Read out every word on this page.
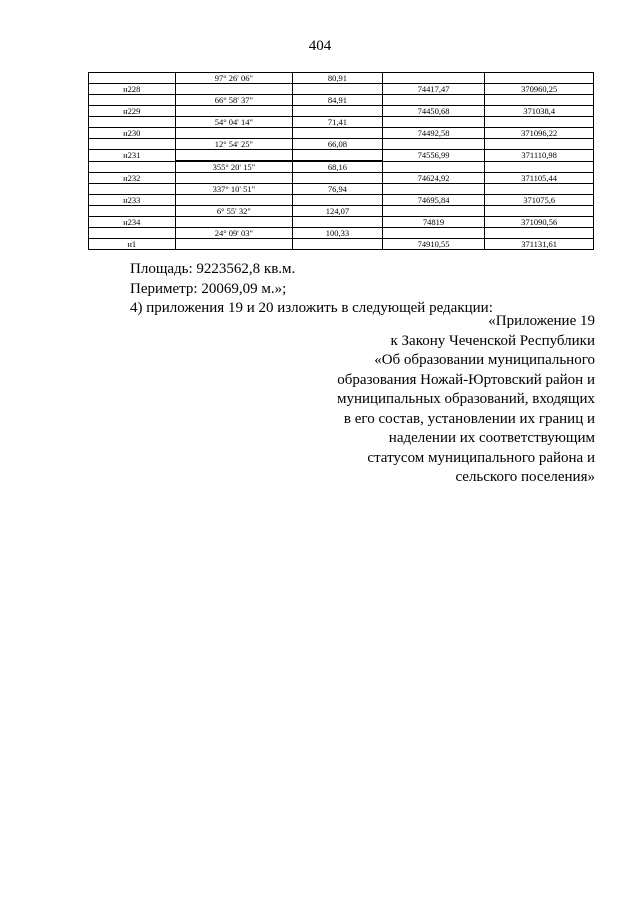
404
	97° 26' 06"	80,91		
н228			74417,47	370960,25
	66° 58' 37"	84,91		
н229			74450,68	371038,4
	54° 04' 14"	71,41		
н230			74492,58	371096,22
	12° 54' 25"	66,08		
н231			74556,99	371110,98
	355° 20' 15"	68,16		
н232			74624,92	371105,44
	337° 10' 51"	76,94		
н233			74695,84	371075,6
	6° 55' 32"	124,07		
н234			74819	371090,56
	24° 09' 03"	100,33		
н1			74910,55	371131,61
Площадь: 9223562,8 кв.м.
Периметр: 20069,09 м.»;
4) приложения 19 и 20 изложить в следующей редакции:
«Приложение 19
к Закону Чеченской Республики
«Об образовании муниципального
образования Ножай-Юртовский район и
муниципальных образований, входящих
в его состав, установлении их границ и
наделении их соответствующим
статусом муниципального района и
сельского поселения»
